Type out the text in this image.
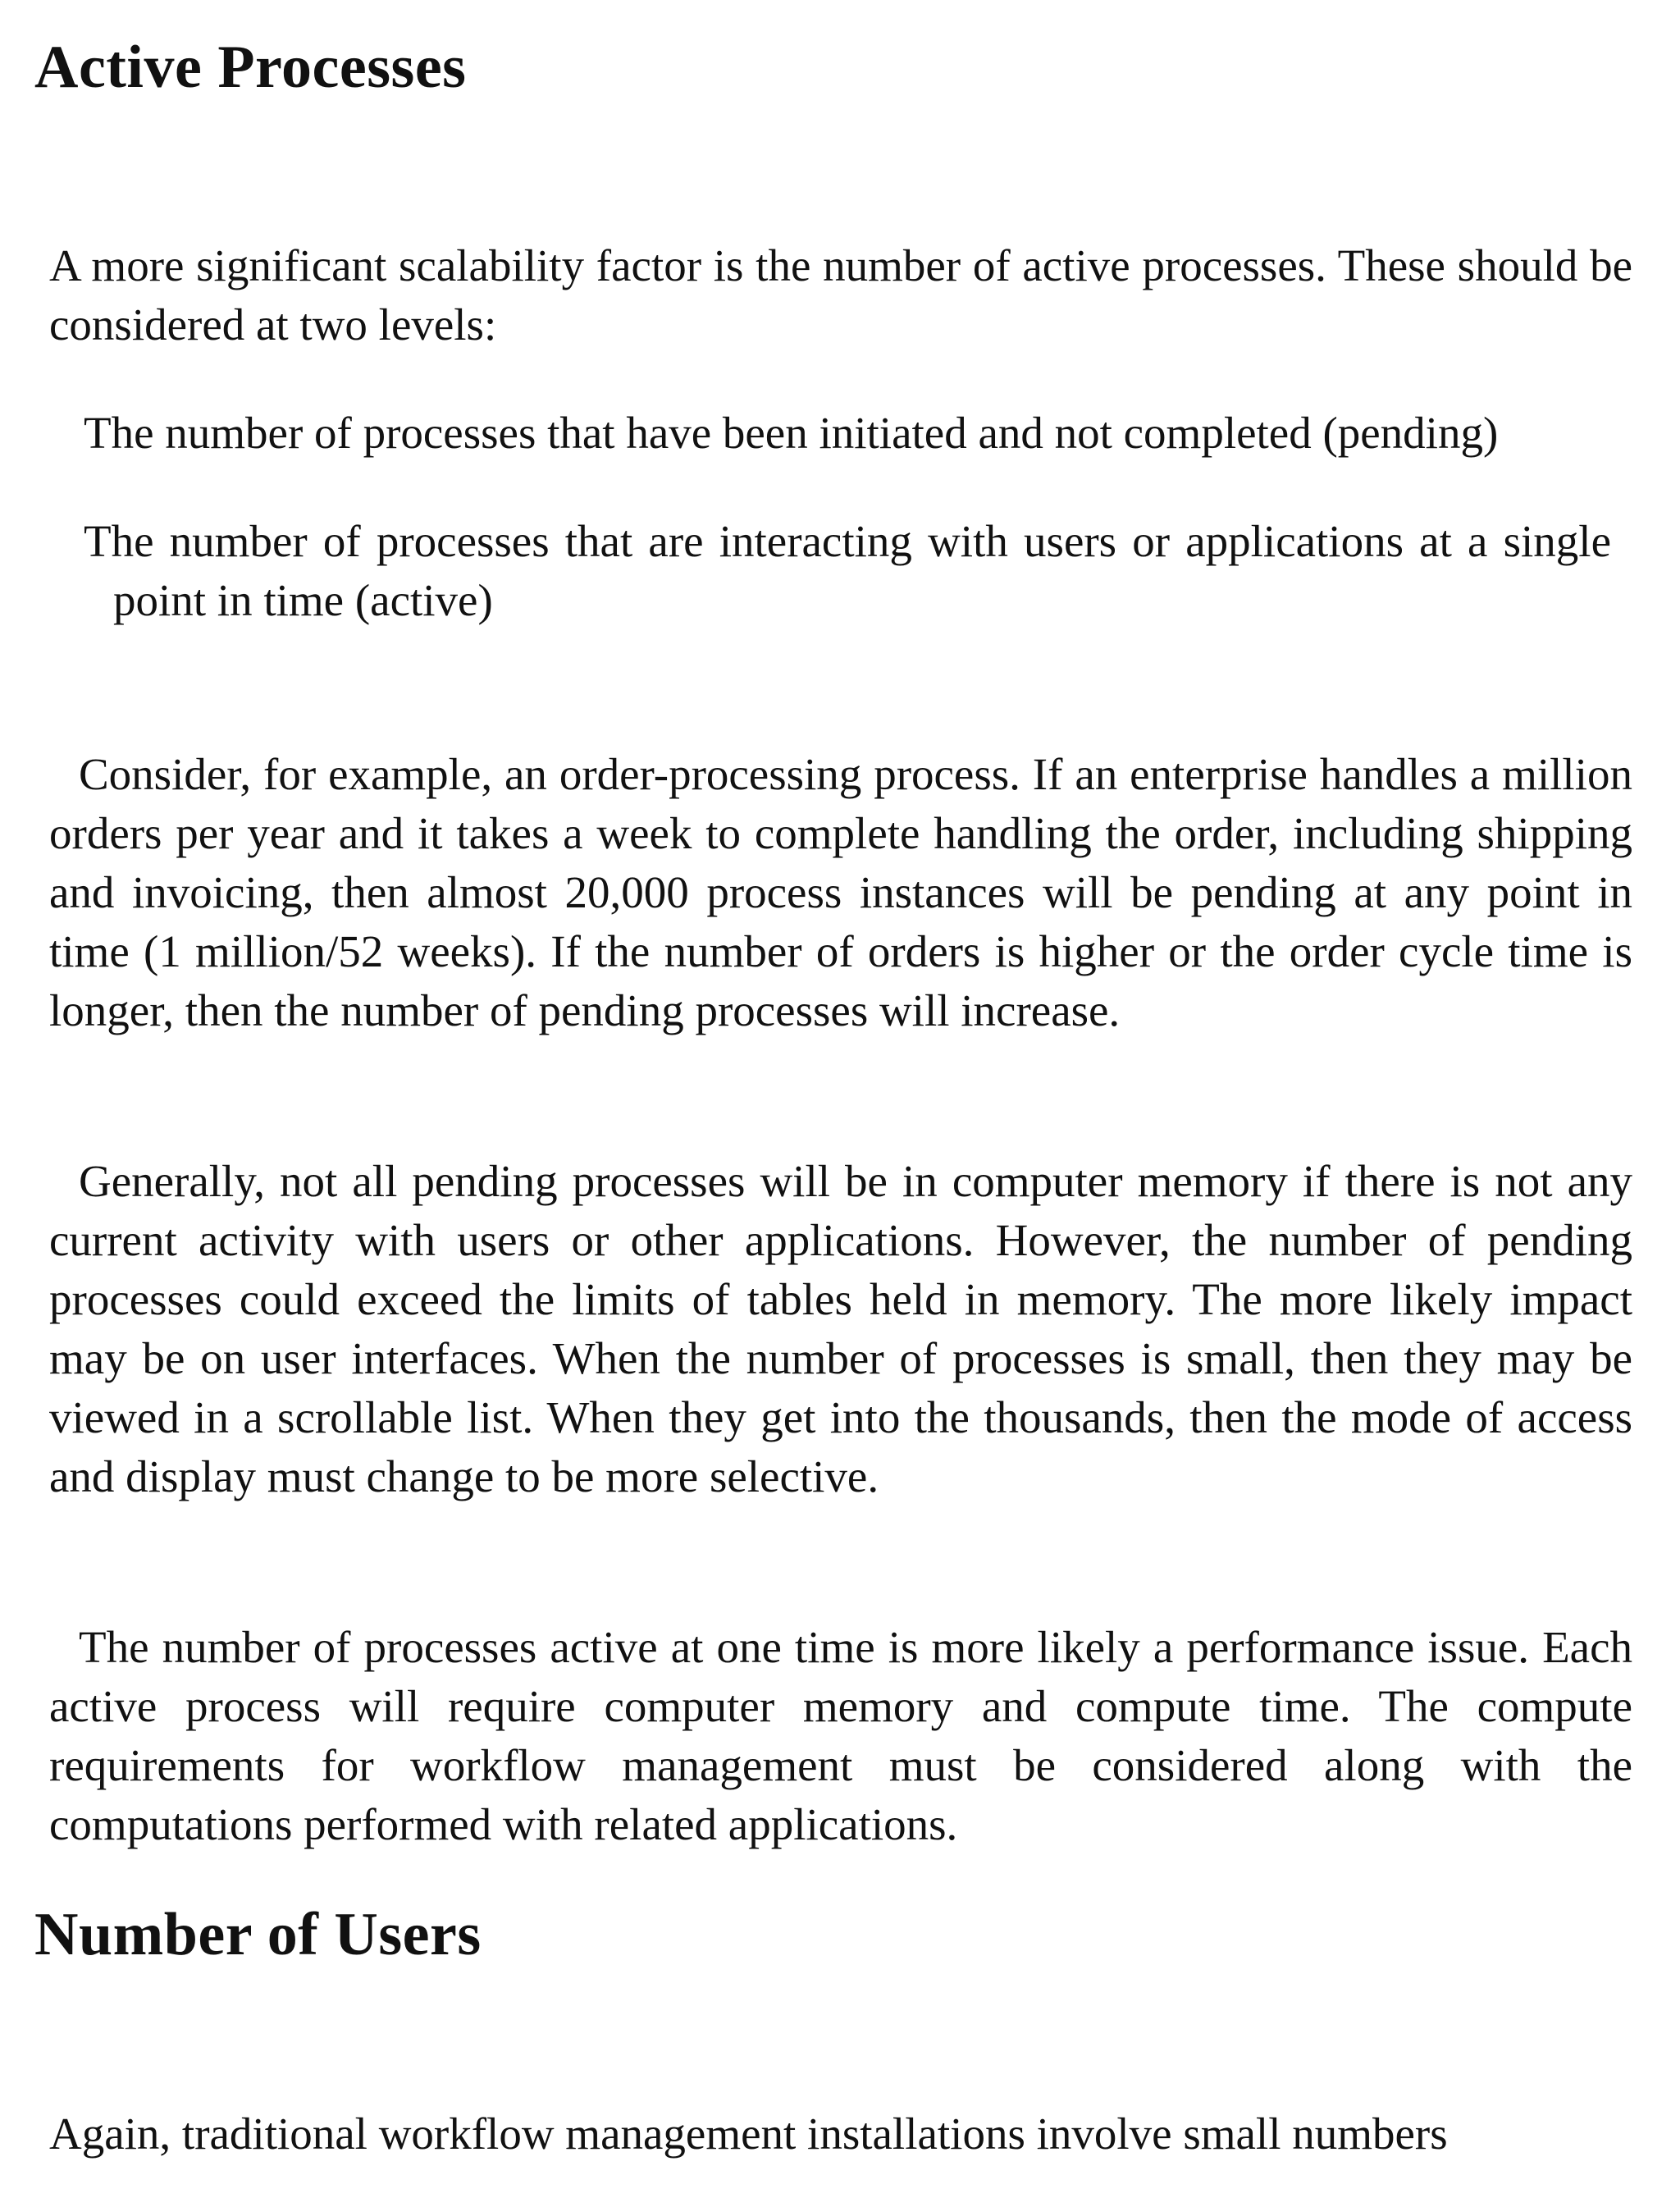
Active Processes

A more significant scalability factor is the number of active processes. These should be considered at two levels:

The number of processes that have been initiated and not completed (pending)
The number of processes that are interacting with users or applications at a single point in time (active)

Consider, for example, an order-processing process. If an enterprise handles a million orders per year and it takes a week to complete handling the order, including shipping and invoicing, then almost 20,000 process instances will be pending at any point in time (1 million/52 weeks). If the number of orders is higher or the order cycle time is longer, then the number of pending processes will increase.

Generally, not all pending processes will be in computer memory if there is not any current activity with users or other applications. However, the number of pending processes could exceed the limits of tables held in memory. The more likely impact may be on user interfaces. When the number of processes is small, then they may be viewed in a scrollable list. When they get into the thousands, then the mode of access and display must change to be more selective.

The number of processes active at one time is more likely a performance issue. Each active process will require computer memory and compute time. The compute requirements for workflow management must be considered along with the computations performed with related applications.

Number of Users

Again, traditional workflow management installations involve small numbers
